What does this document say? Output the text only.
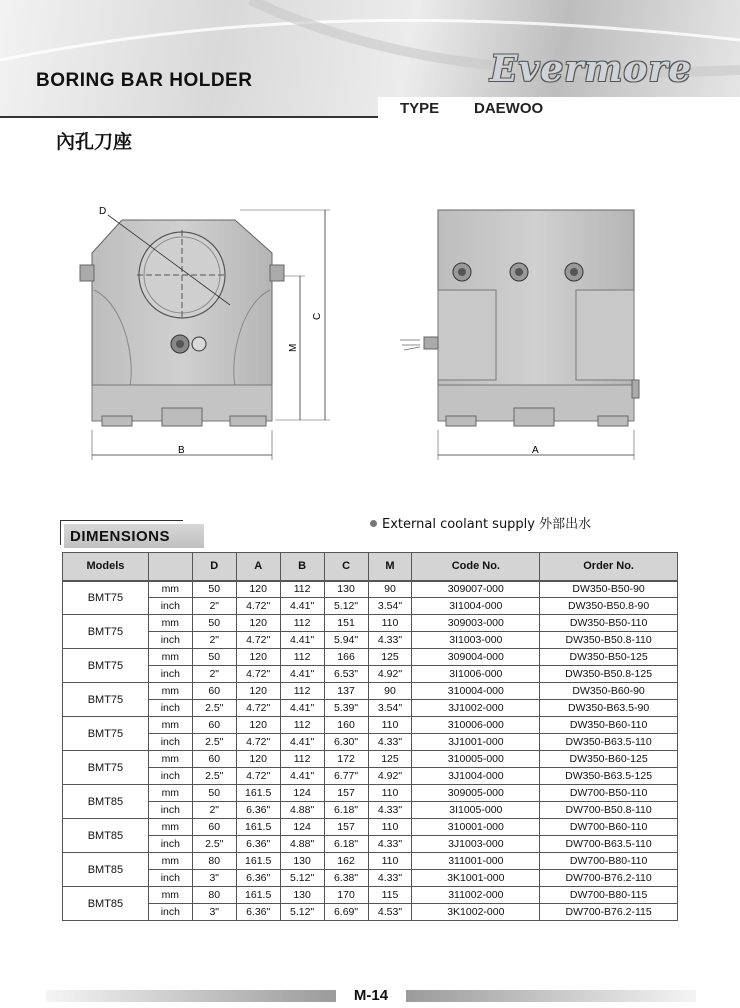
BORING BAR HOLDER	Evermore
TYPE DAEWOO
內孔刀座
D
B	A
C
M
External coolant supply 外部出水
DIMENSIONS
Models		D	A	B	C	M	Code No.	Order No.
BMT75	mm	50	120	112	130	90	309007-000	DW350-B50-90
	inch	2"	4.72"	4.41"	5.12"	3.54"	3I1004-000	DW350-B50.8-90
BMT75	mm	50	120	112	151	110	309003-000	DW350-B50-110
	inch	2"	4.72"	4.41"	5.94"	4.33"	3I1003-000	DW350-B50.8-110
BMT75	mm	50	120	112	166	125	309004-000	DW350-B50-125
	inch	2"	4.72"	4.41"	6.53"	4.92"	3I1006-000	DW350-B50.8-125
BMT75	mm	60	120	112	137	90	310004-000	DW350-B60-90
	inch	2.5"	4.72"	4.41"	5.39"	3.54"	3J1002-000	DW350-B63.5-90
BMT75	mm	60	120	112	160	110	310006-000	DW350-B60-110
	inch	2.5"	4.72"	4.41"	6.30"	4.33"	3J1001-000	DW350-B63.5-110
BMT75	mm	60	120	112	172	125	310005-000	DW350-B60-125
	inch	2.5"	4.72"	4.41"	6.77"	4.92"	3J1004-000	DW350-B63.5-125
BMT85	mm	50	161.5	124	157	110	309005-000	DW700-B50-110
	inch	2"	6.36"	4.88"	6.18"	4.33"	3I1005-000	DW700-B50.8-110
BMT85	mm	60	161.5	124	157	110	310001-000	DW700-B60-110
	inch	2.5"	6.36"	4.88"	6.18"	4.33"	3J1003-000	DW700-B63.5-110
BMT85	mm	80	161.5	130	162	110	311001-000	DW700-B80-110
	inch	3"	6.36"	5.12"	6.38"	4.33"	3K1001-000	DW700-B76.2-110
BMT85	mm	80	161.5	130	170	115	311002-000	DW700-B80-115
	inch	3"	6.36"	5.12"	6.69"	4.53"	3K1002-000	DW700-B76.2-115
M-14
